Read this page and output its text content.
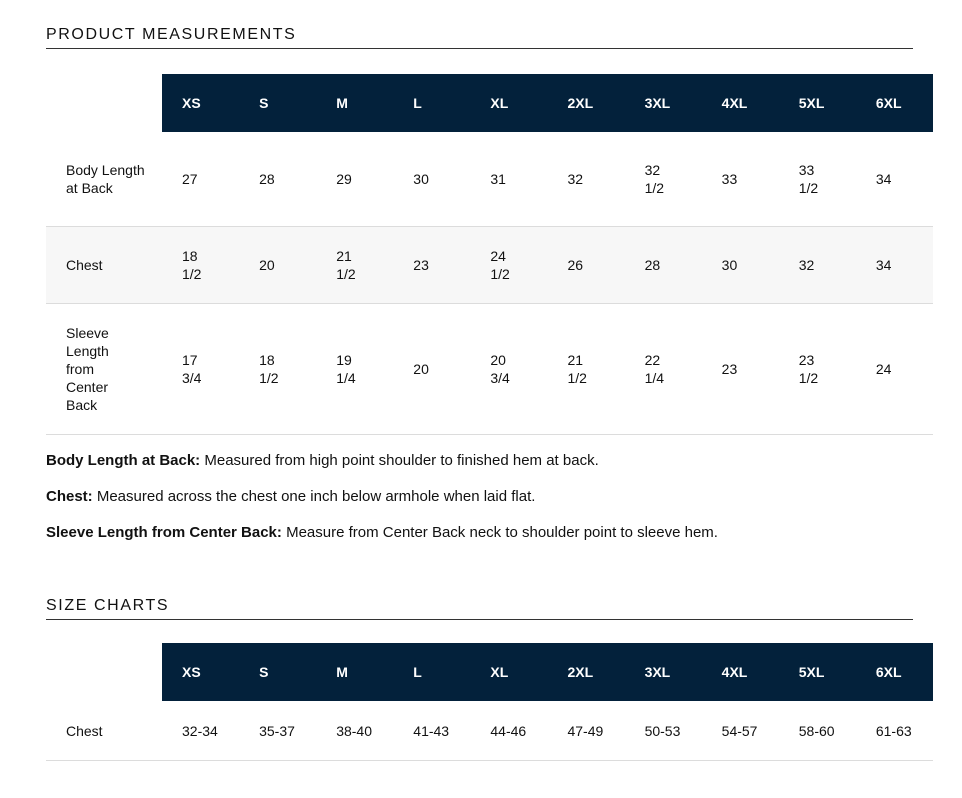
PRODUCT MEASUREMENTS
	XS	S	M	L	XL	2XL	3XL	4XL	5XL	6XL
Body Length at Back	27	28	29	30	31	32	32 1/2	33	33 1/2	34
Chest	18 1/2	20	21 1/2	23	24 1/2	26	28	30	32	34
Sleeve Length from Center Back	17 3/4	18 1/2	19 1/4	20	20 3/4	21 1/2	22 1/4	23	23 1/2	24

Body Length at Back: Measured from high point shoulder to finished hem at back.

Chest: Measured across the chest one inch below armhole when laid flat.

Sleeve Length from Center Back: Measure from Center Back neck to shoulder point to sleeve hem.

SIZE CHARTS
	XS	S	M	L	XL	2XL	3XL	4XL	5XL	6XL
Chest	32-34	35-37	38-40	41-43	44-46	47-49	50-53	54-57	58-60	61-63
